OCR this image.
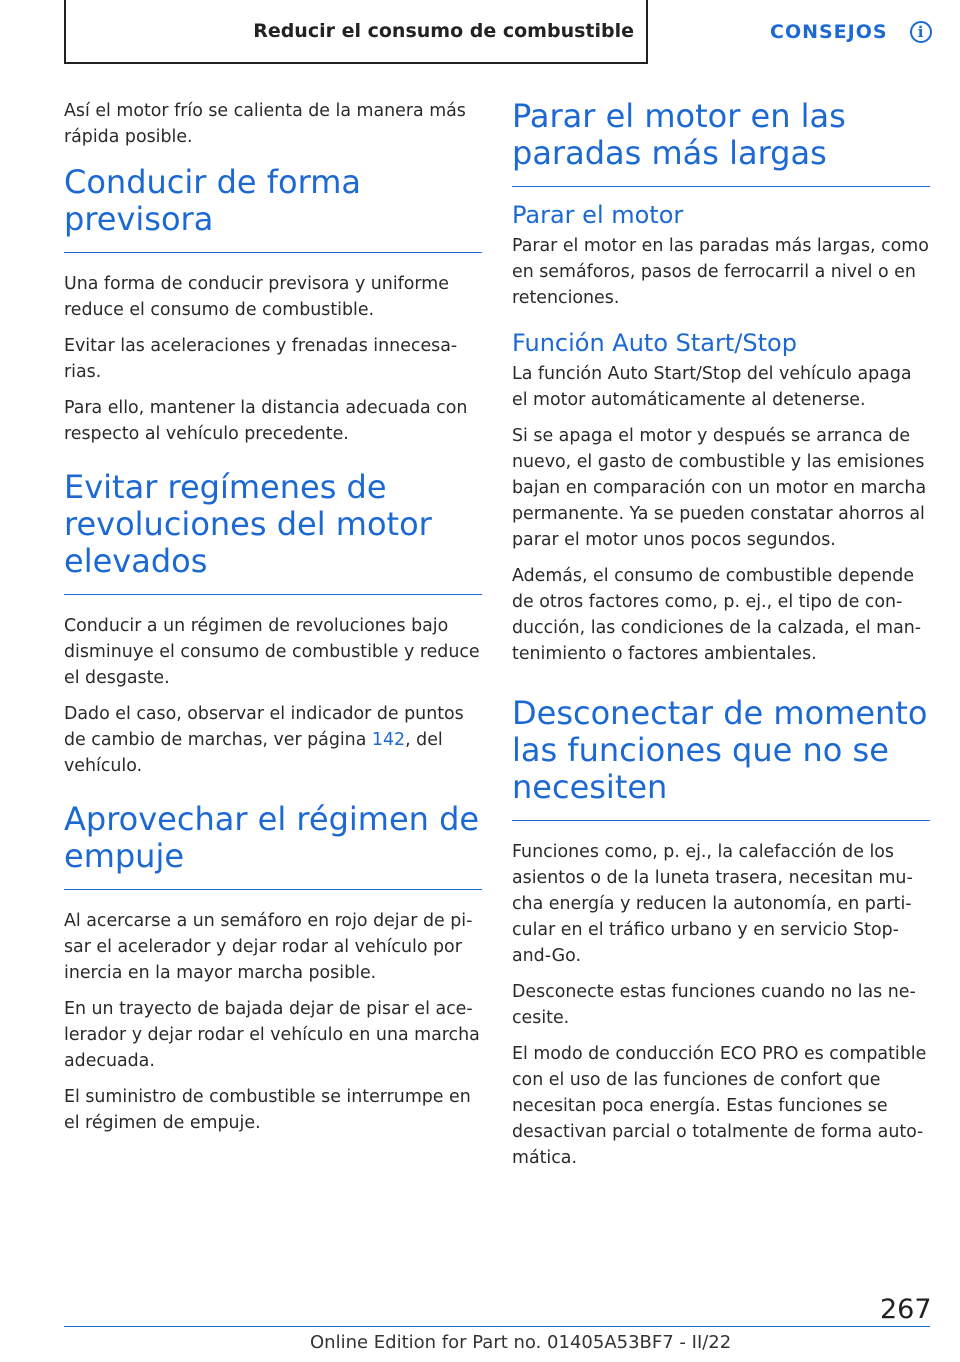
Reducir el consumo de combustible	CONSEJOS	i

Así el motor frío se calienta de la manera más rápida posible.

Conducir de forma previsora

Una forma de conducir previsora y uniforme reduce el consumo de combustible.

Evitar las aceleraciones y frenadas innecesarias.

Para ello, mantener la distancia adecuada con respecto al vehículo precedente.

Evitar regímenes de revoluciones del motor elevados

Conducir a un régimen de revoluciones bajo disminuye el consumo de combustible y reduce el desgaste.

Dado el caso, observar el indicador de puntos de cambio de marchas, ver página 142, del vehículo.

Aprovechar el régimen de empuje

Al acercarse a un semáforo en rojo dejar de pisar el acelerador y dejar rodar al vehículo por inercia en la mayor marcha posible.

En un trayecto de bajada dejar de pisar el acelerador y dejar rodar el vehículo en una marcha adecuada.

El suministro de combustible se interrumpe en el régimen de empuje.

Parar el motor en las paradas más largas
Parar el motor

Parar el motor en las paradas más largas, como en semáforos, pasos de ferrocarril a nivel o en retenciones.

Función Auto Start/Stop

La función Auto Start/Stop del vehículo apaga el motor automáticamente al detenerse.

Si se apaga el motor y después se arranca de nuevo, el gasto de combustible y las emisiones bajan en comparación con un motor en marcha permanente. Ya se pueden constatar ahorros al parar el motor unos pocos segundos.

Además, el consumo de combustible depende de otros factores como, p. ej., el tipo de conducción, las condiciones de la calzada, el mantenimiento o factores ambientales.

Desconectar de momento las funciones que no se necesiten

Funciones como, p. ej., la calefacción de los asientos o de la luneta trasera, necesitan mucha energía y reducen la autonomía, en particular en el tráfico urbano y en servicio Stop-and-Go.

Desconecte estas funciones cuando no las necesite.

El modo de conducción ECO PRO es compatible con el uso de las funciones de confort que necesitan poca energía. Estas funciones se desactivan parcial o totalmente de forma automática.

267
Online Edition for Part no. 01405A53BF7 - II/22
